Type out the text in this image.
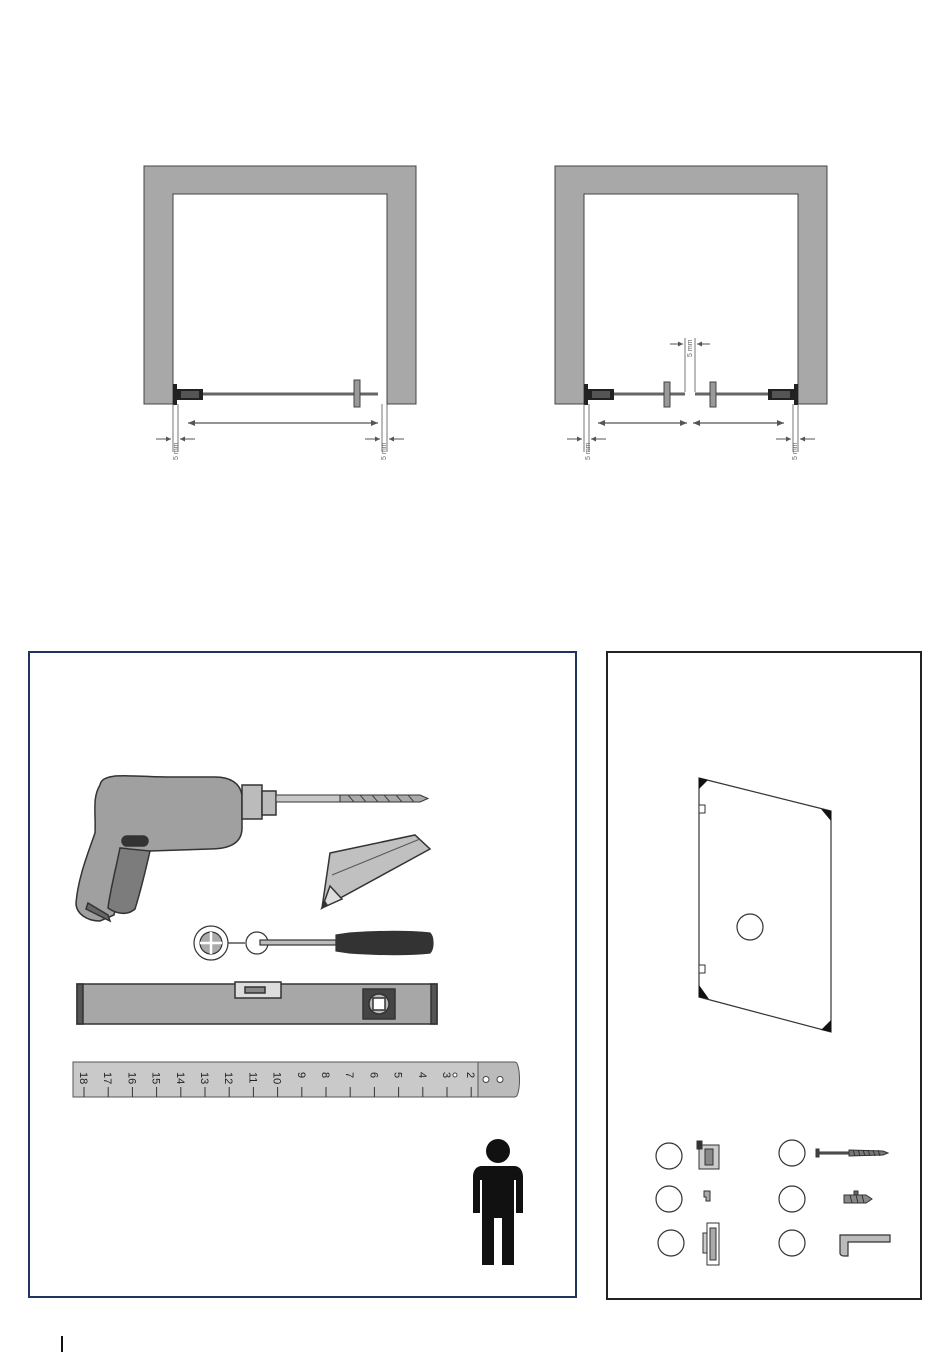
5 mm	5 mm
5 mm
5 mm	5 mm
18 17 16 15 14 13 12 11 10 9 8 7 6 5 4 3 2
